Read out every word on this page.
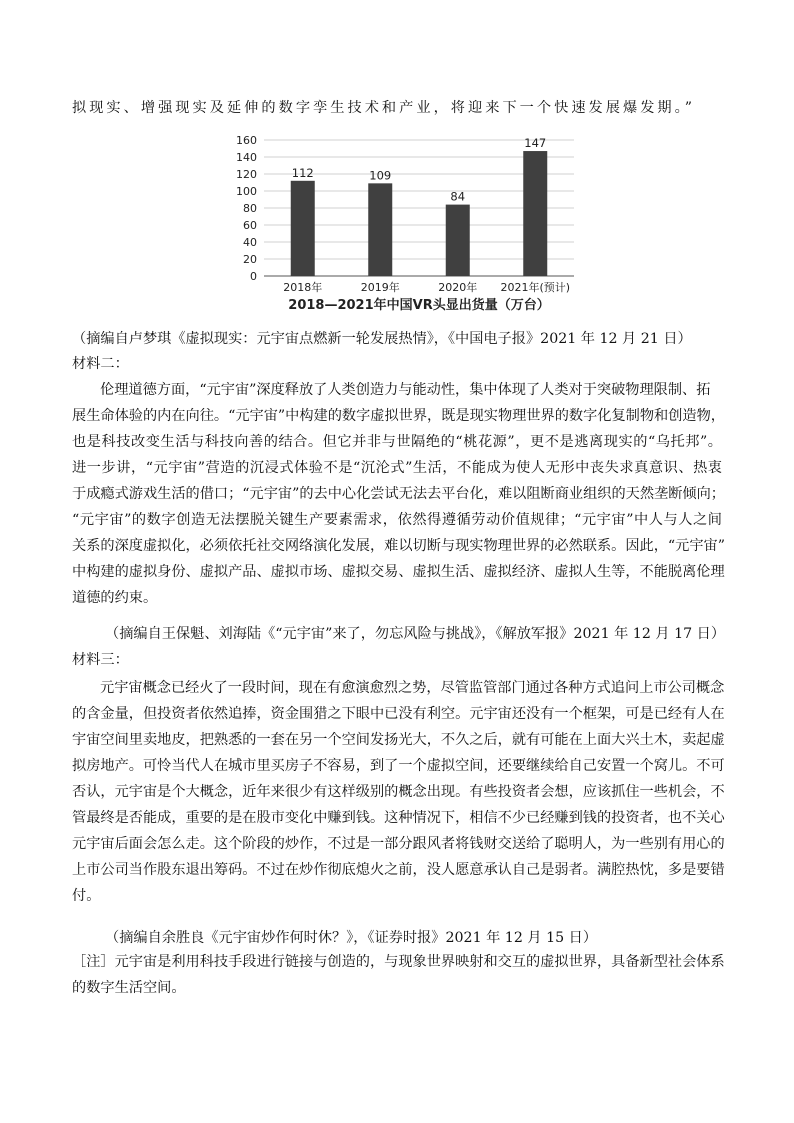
拟现实、增强现实及延伸的数字孪生技术和产业，将迎来下一个快速发展爆发期。”
0
20
40
60
80
100
120
140
160
112
2018年
109
2019年
84
2020年
147
2021年(预计)
2018—2021年中国VR头显出货量（万台）
（摘编自卢梦琪《虚拟现实：元宇宙点燃新一轮发展热情》，《中国电子报》2021 年 12 月 21 日）
材料二：
伦理道德方面，“元宇宙”深度释放了人类创造力与能动性，集中体现了人类对于突破物理限制、拓
展生命体验的内在向往。“元宇宙”中构建的数字虚拟世界，既是现实物理世界的数字化复制物和创造物，
也是科技改变生活与科技向善的结合。但它并非与世隔绝的“桃花源”，更不是逃离现实的“乌托邦”。
进一步讲，“元宇宙”营造的沉浸式体验不是“沉沦式”生活，不能成为使人无形中丧失求真意识、热衷
于成瘾式游戏生活的借口；“元宇宙”的去中心化尝试无法去平台化，难以阻断商业组织的天然垄断倾向；
“元宇宙”的数字创造无法摆脱关键生产要素需求，依然得遵循劳动价值规律；“元宇宙”中人与人之间
关系的深度虚拟化，必须依托社交网络演化发展，难以切断与现实物理世界的必然联系。因此，“元宇宙”
中构建的虚拟身份、虚拟产品、虚拟市场、虚拟交易、虚拟生活、虚拟经济、虚拟人生等，不能脱离伦理
道德的约束。
（摘编自王保魁、刘海陆《“元宇宙”来了，勿忘风险与挑战》，《解放军报》2021 年 12 月 17 日）
材料三：
元宇宙概念已经火了一段时间，现在有愈演愈烈之势，尽管监管部门通过各种方式追问上市公司概念
的含金量，但投资者依然追捧，资金围猎之下眼中已没有利空。元宇宙还没有一个框架，可是已经有人在
宇宙空间里卖地皮，把熟悉的一套在另一个空间发扬光大，不久之后，就有可能在上面大兴土木，卖起虚
拟房地产。可怜当代人在城市里买房子不容易，到了一个虚拟空间，还要继续给自己安置一个窝儿。不可
否认，元宇宙是个大概念，近年来很少有这样级别的概念出现。有些投资者会想，应该抓住一些机会，不
管最终是否能成，重要的是在股市变化中赚到钱。这种情况下，相信不少已经赚到钱的投资者，也不关心
元宇宙后面会怎么走。这个阶段的炒作，不过是一部分跟风者将钱财交送给了聪明人，为一些别有用心的
上市公司当作股东退出筹码。不过在炒作彻底熄火之前，没人愿意承认自己是弱者。满腔热忱，多是要错
付。
（摘编自余胜良《元宇宙炒作何时休？》，《证券时报》2021 年 12 月 15 日）
［注］元宇宙是利用科技手段进行链接与创造的，与现象世界映射和交互的虚拟世界，具备新型社会体系
的数字生活空间。
